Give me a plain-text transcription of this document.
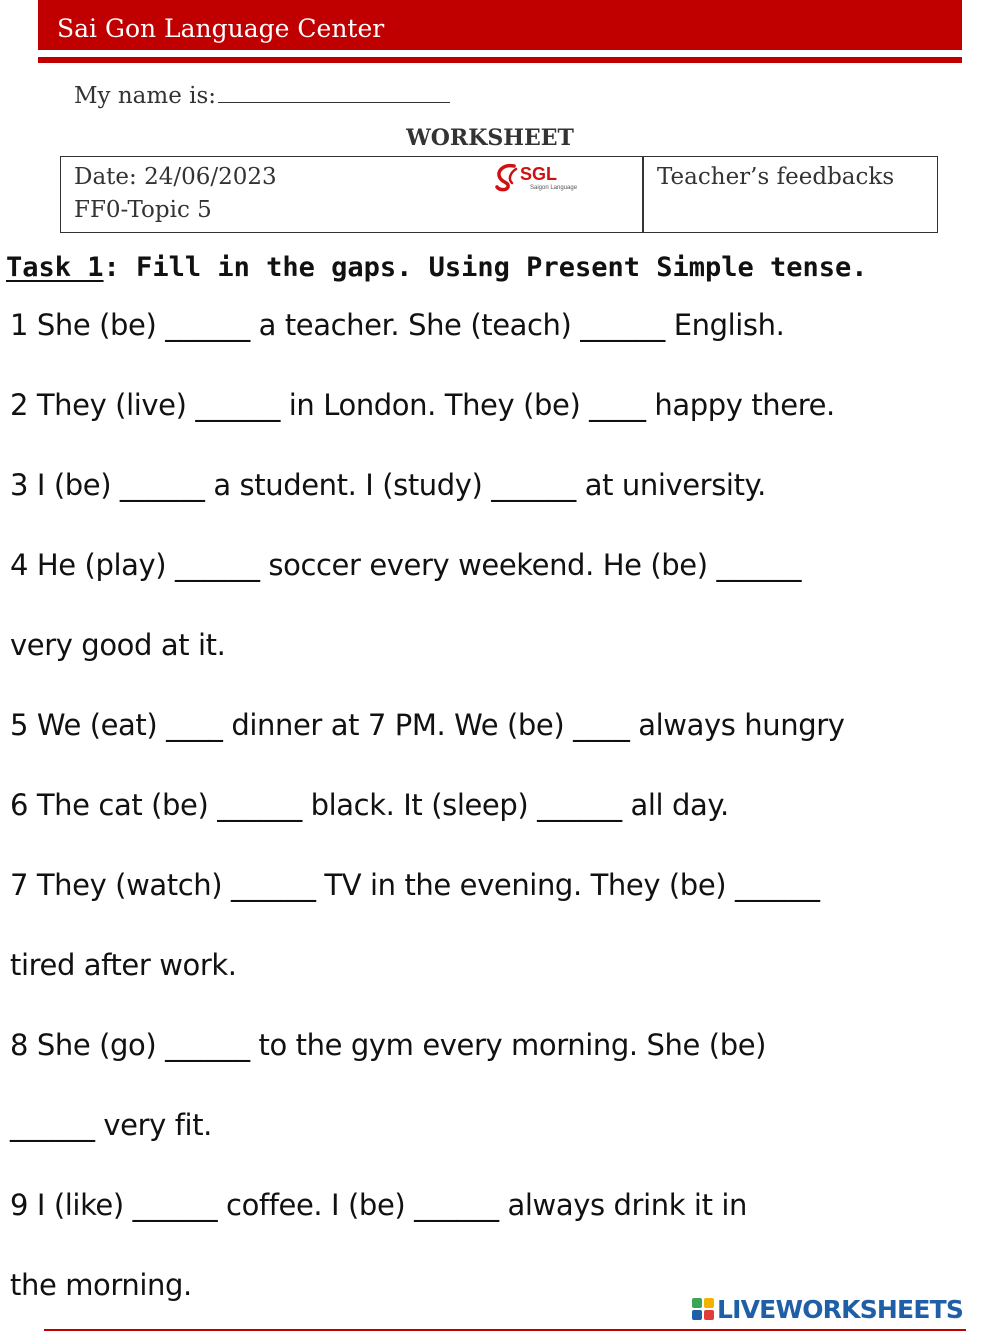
Sai Gon Language Center
My name is:
WORKSHEET
Date: 24/06/2023
FF0-Topic 5
Teacher’s feedbacks
SGL
Saigon Language
Task 1: Fill in the gaps. Using Present Simple tense.
1 She (be) ______ a teacher. She (teach) ______ English.
2 They (live) ______ in London. They (be) ____ happy there.
3 I (be) ______ a student. I (study) ______ at university.
4 He (play) ______ soccer every weekend. He (be) ______
very good at it.
5 We (eat) ____ dinner at 7 PM. We (be) ____ always hungry
6 The cat (be) ______ black. It (sleep) ______ all day.
7 They (watch) ______ TV in the evening. They (be) ______
tired after work.
8 She (go) ______ to the gym every morning. She (be)
______ very fit.
9 I (like) ______ coffee. I (be) ______ always drink it in
the morning.
LIVEWORKSHEETS
